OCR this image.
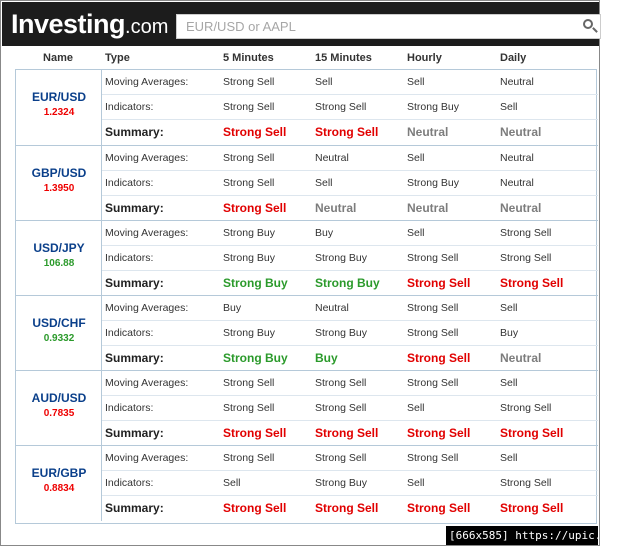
Investing.com
EUR/USD or AAPL
Name	Type	5 Minutes	15 Minutes	Hourly	Daily
EUR/USD
1.2324
Moving Averages:	Strong Sell	Sell	Sell	Neutral
Indicators:	Strong Sell	Strong Sell	Strong Buy	Sell
Summary:	Strong Sell Strong Sell Neutral	Neutral
GBP/USD
1.3950
Moving Averages:	Strong Sell	Neutral	Sell	Neutral
Indicators:	Strong Sell	Sell	Strong Buy	Neutral
Summary:	Strong Sell Neutral	Neutral	Neutral
USD/JPY
106.88
Moving Averages:	Strong Buy	Buy	Sell	Strong Sell
Indicators:	Strong Buy	Strong Buy	Strong Sell	Strong Sell
Summary:	Strong Buy Strong Buy Strong Sell Strong Sell
USD/CHF
0.9332
Moving Averages:	Buy	Neutral	Strong Sell	Sell
Indicators:	Strong Buy	Strong Buy	Strong Sell	Buy
Summary:	Strong Buy Buy	Strong Sell Neutral
AUD/USD
0.7835
Moving Averages:	Strong Sell	Strong Sell	Strong Sell	Sell
Indicators:	Strong Sell	Strong Sell	Sell	Strong Sell
Summary:	Strong Sell Strong Sell Strong Sell Strong Sell
EUR/GBP
0.8834
Moving Averages:	Strong Sell	Strong Sell	Strong Sell	Sell
Indicators:	Sell	Strong Buy	Sell	Strong Sell
Summary:	Strong Sell Strong Sell Strong Sell Strong Sell
[666x585] https://upic.me/
